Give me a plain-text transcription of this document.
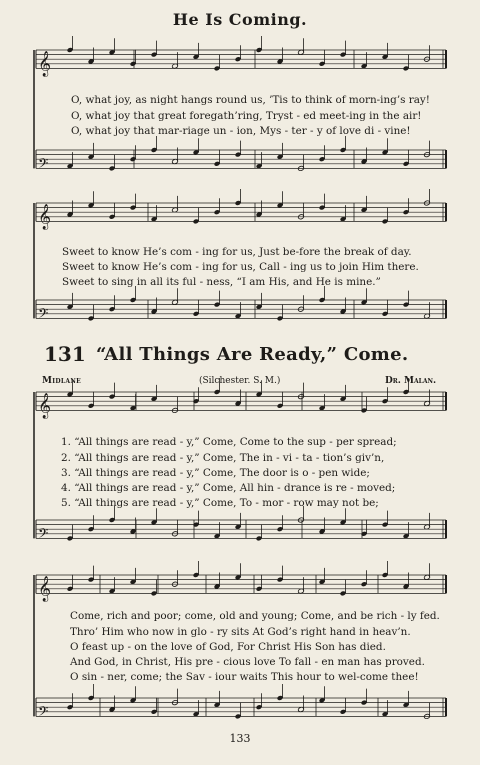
He Is Coming.
𝄞
𝄢
𝄞
𝄢
𝄞
𝄢
𝄞
𝄢
O, what joy, as night hangs round us, ’Tis to think of morn-ing’s ray!
O, what joy that great foregath’ring, Tryst - ed meet-ing in the air!
O, what joy that mar-riage un - ion, Mys - ter - y of love di - vine!
Sweet to know He’s com - ing for us, Just be-fore the break of day.
Sweet to know He’s com - ing for us, Call - ing us to join Him there.
Sweet to sing in all its ful - ness, “I am His, and He is mine.”
131 “All Things Are Ready,” Come.
Midlane	(Silchester. S. M.)	Dr. Malan.
1. “All things are read - y,” Come, Come to the sup - per spread;
2. “All things are read - y,” Come, The in - vi - ta - tion’s giv’n,
3. “All things are read - y,” Come, The door is o - pen wide;
4. “All things are read - y,” Come, All hin - drance is re - moved;
5. “All things are read - y,” Come, To - mor - row may not be;
Come, rich and poor; come, old and young; Come, and be rich - ly fed.
Thro’ Him who now in glo - ry sits At God’s right hand in heav’n.
O feast up - on the love of God, For Christ His Son has died.
And God, in Christ, His pre - cious love To fall - en man has proved.
O sin - ner, come; the Sav - iour waits This hour to wel-come thee!
133
